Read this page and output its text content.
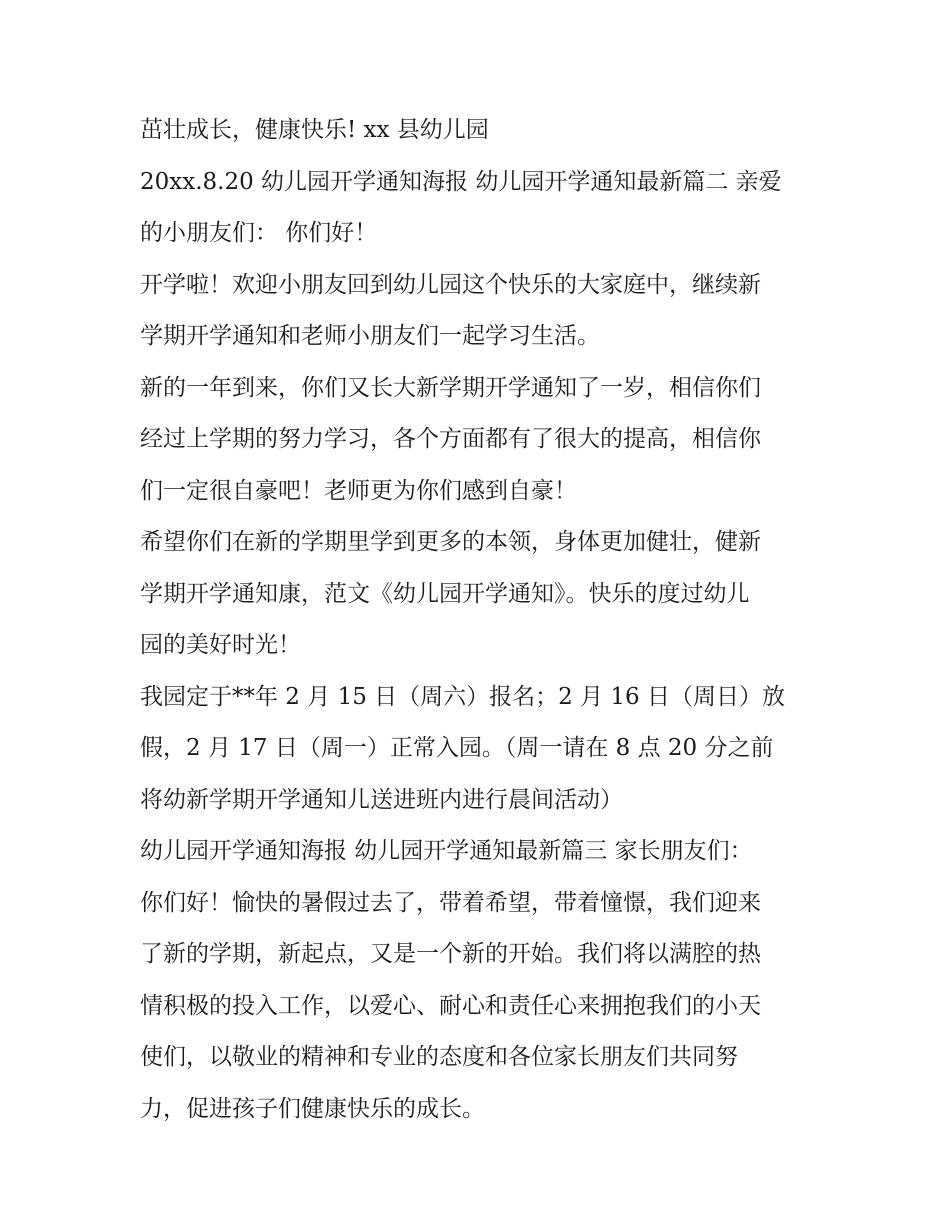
茁壮成长，健康快乐! xx 县幼儿园
20xx.8.20 幼儿园开学通知海报 幼儿园开学通知最新篇二 亲爱
的小朋友们： 你们好！
开学啦！欢迎小朋友回到幼儿园这个快乐的大家庭中，继续新
学期开学通知和老师小朋友们一起学习生活。
新的一年到来，你们又长大新学期开学通知了一岁，相信你们
经过上学期的努力学习，各个方面都有了很大的提高，相信你
们一定很自豪吧！老师更为你们感到自豪！
希望你们在新的学期里学到更多的本领，身体更加健壮，健新
学期开学通知康，范文《幼儿园开学通知》。快乐的度过幼儿
园的美好时光！
我园定于**年 2 月 15 日（周六）报名；2 月 16 日（周日）放
假，2 月 17 日（周一）正常入园。（周一请在 8 点 20 分之前
将幼新学期开学通知儿送进班内进行晨间活动）
幼儿园开学通知海报 幼儿园开学通知最新篇三 家长朋友们：
你们好！愉快的暑假过去了，带着希望，带着憧憬，我们迎来
了新的学期，新起点，又是一个新的开始。我们将以满腔的热
情积极的投入工作，以爱心、耐心和责任心来拥抱我们的小天
使们，以敬业的精神和专业的态度和各位家长朋友们共同努
力，促进孩子们健康快乐的成长。
